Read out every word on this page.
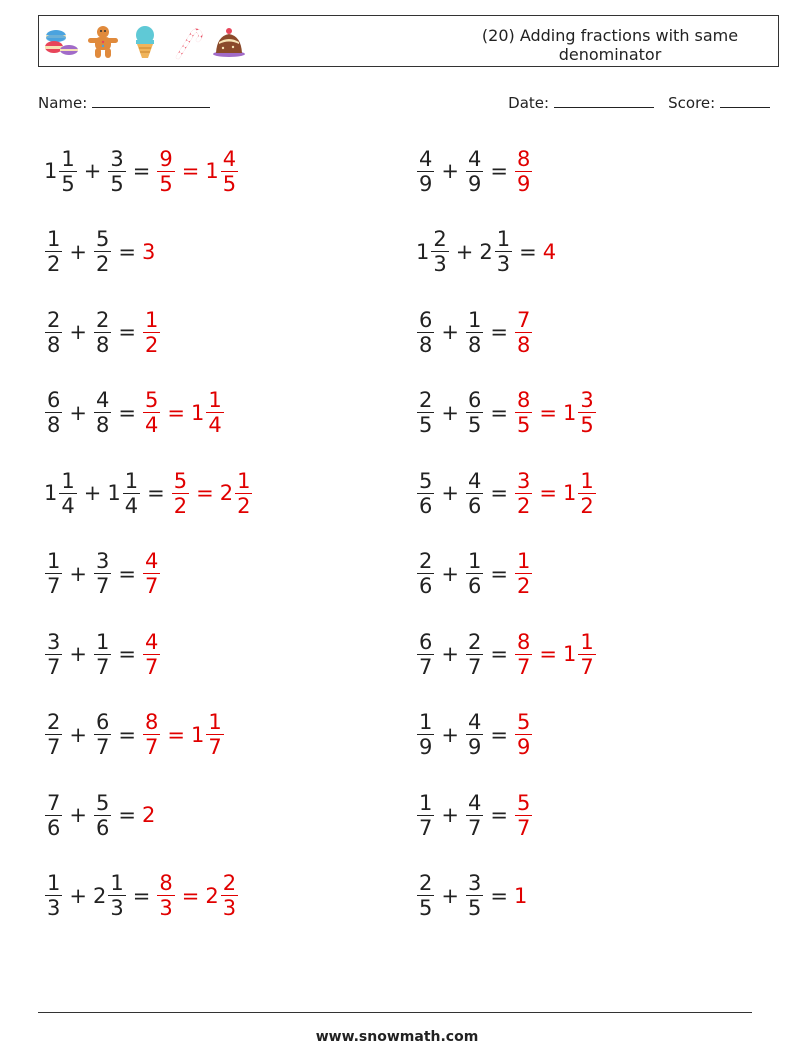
(20) Adding fractions with same denominator
Name:	Date:	Score:
$1 \frac{1}{5} + \frac{3}{5} = \frac{9}{5} = 1 \frac{4}{5}$	$\frac{4}{9} + \frac{4}{9} = \frac{8}{9}$
$\frac{1}{2} + \frac{5}{2} = 3$	$1 \frac{2}{3} + 2 \frac{1}{3} = 4$
$\frac{2}{8} + \frac{2}{8} = \frac{1}{2}$	$\frac{6}{8} + \frac{1}{8} = \frac{7}{8}$
$\frac{6}{8} + \frac{4}{8} = \frac{5}{4} = 1 \frac{1}{4}$	$\frac{2}{5} + \frac{6}{5} = \frac{8}{5} = 1 \frac{3}{5}$
$1 \frac{1}{4} + 1 \frac{1}{4} = \frac{5}{2} = 2 \frac{1}{2}$	$\frac{5}{6} + \frac{4}{6} = \frac{3}{2} = 1 \frac{1}{2}$
$\frac{1}{7} + \frac{3}{7} = \frac{4}{7}$	$\frac{2}{6} + \frac{1}{6} = \frac{1}{2}$
$\frac{3}{7} + \frac{1}{7} = \frac{4}{7}$	$\frac{6}{7} + \frac{2}{7} = \frac{8}{7} = 1 \frac{1}{7}$
$\frac{2}{7} + \frac{6}{7} = \frac{8}{7} = 1 \frac{1}{7}$	$\frac{1}{9} + \frac{4}{9} = \frac{5}{9}$
$\frac{7}{6} + \frac{5}{6} = 2$	$\frac{1}{7} + \frac{4}{7} = \frac{5}{7}$
$\frac{1}{3} + 2 \frac{1}{3} = \frac{8}{3} = 2 \frac{2}{3}$	$\frac{2}{5} + \frac{3}{5} = 1$
www.snowmath.com
